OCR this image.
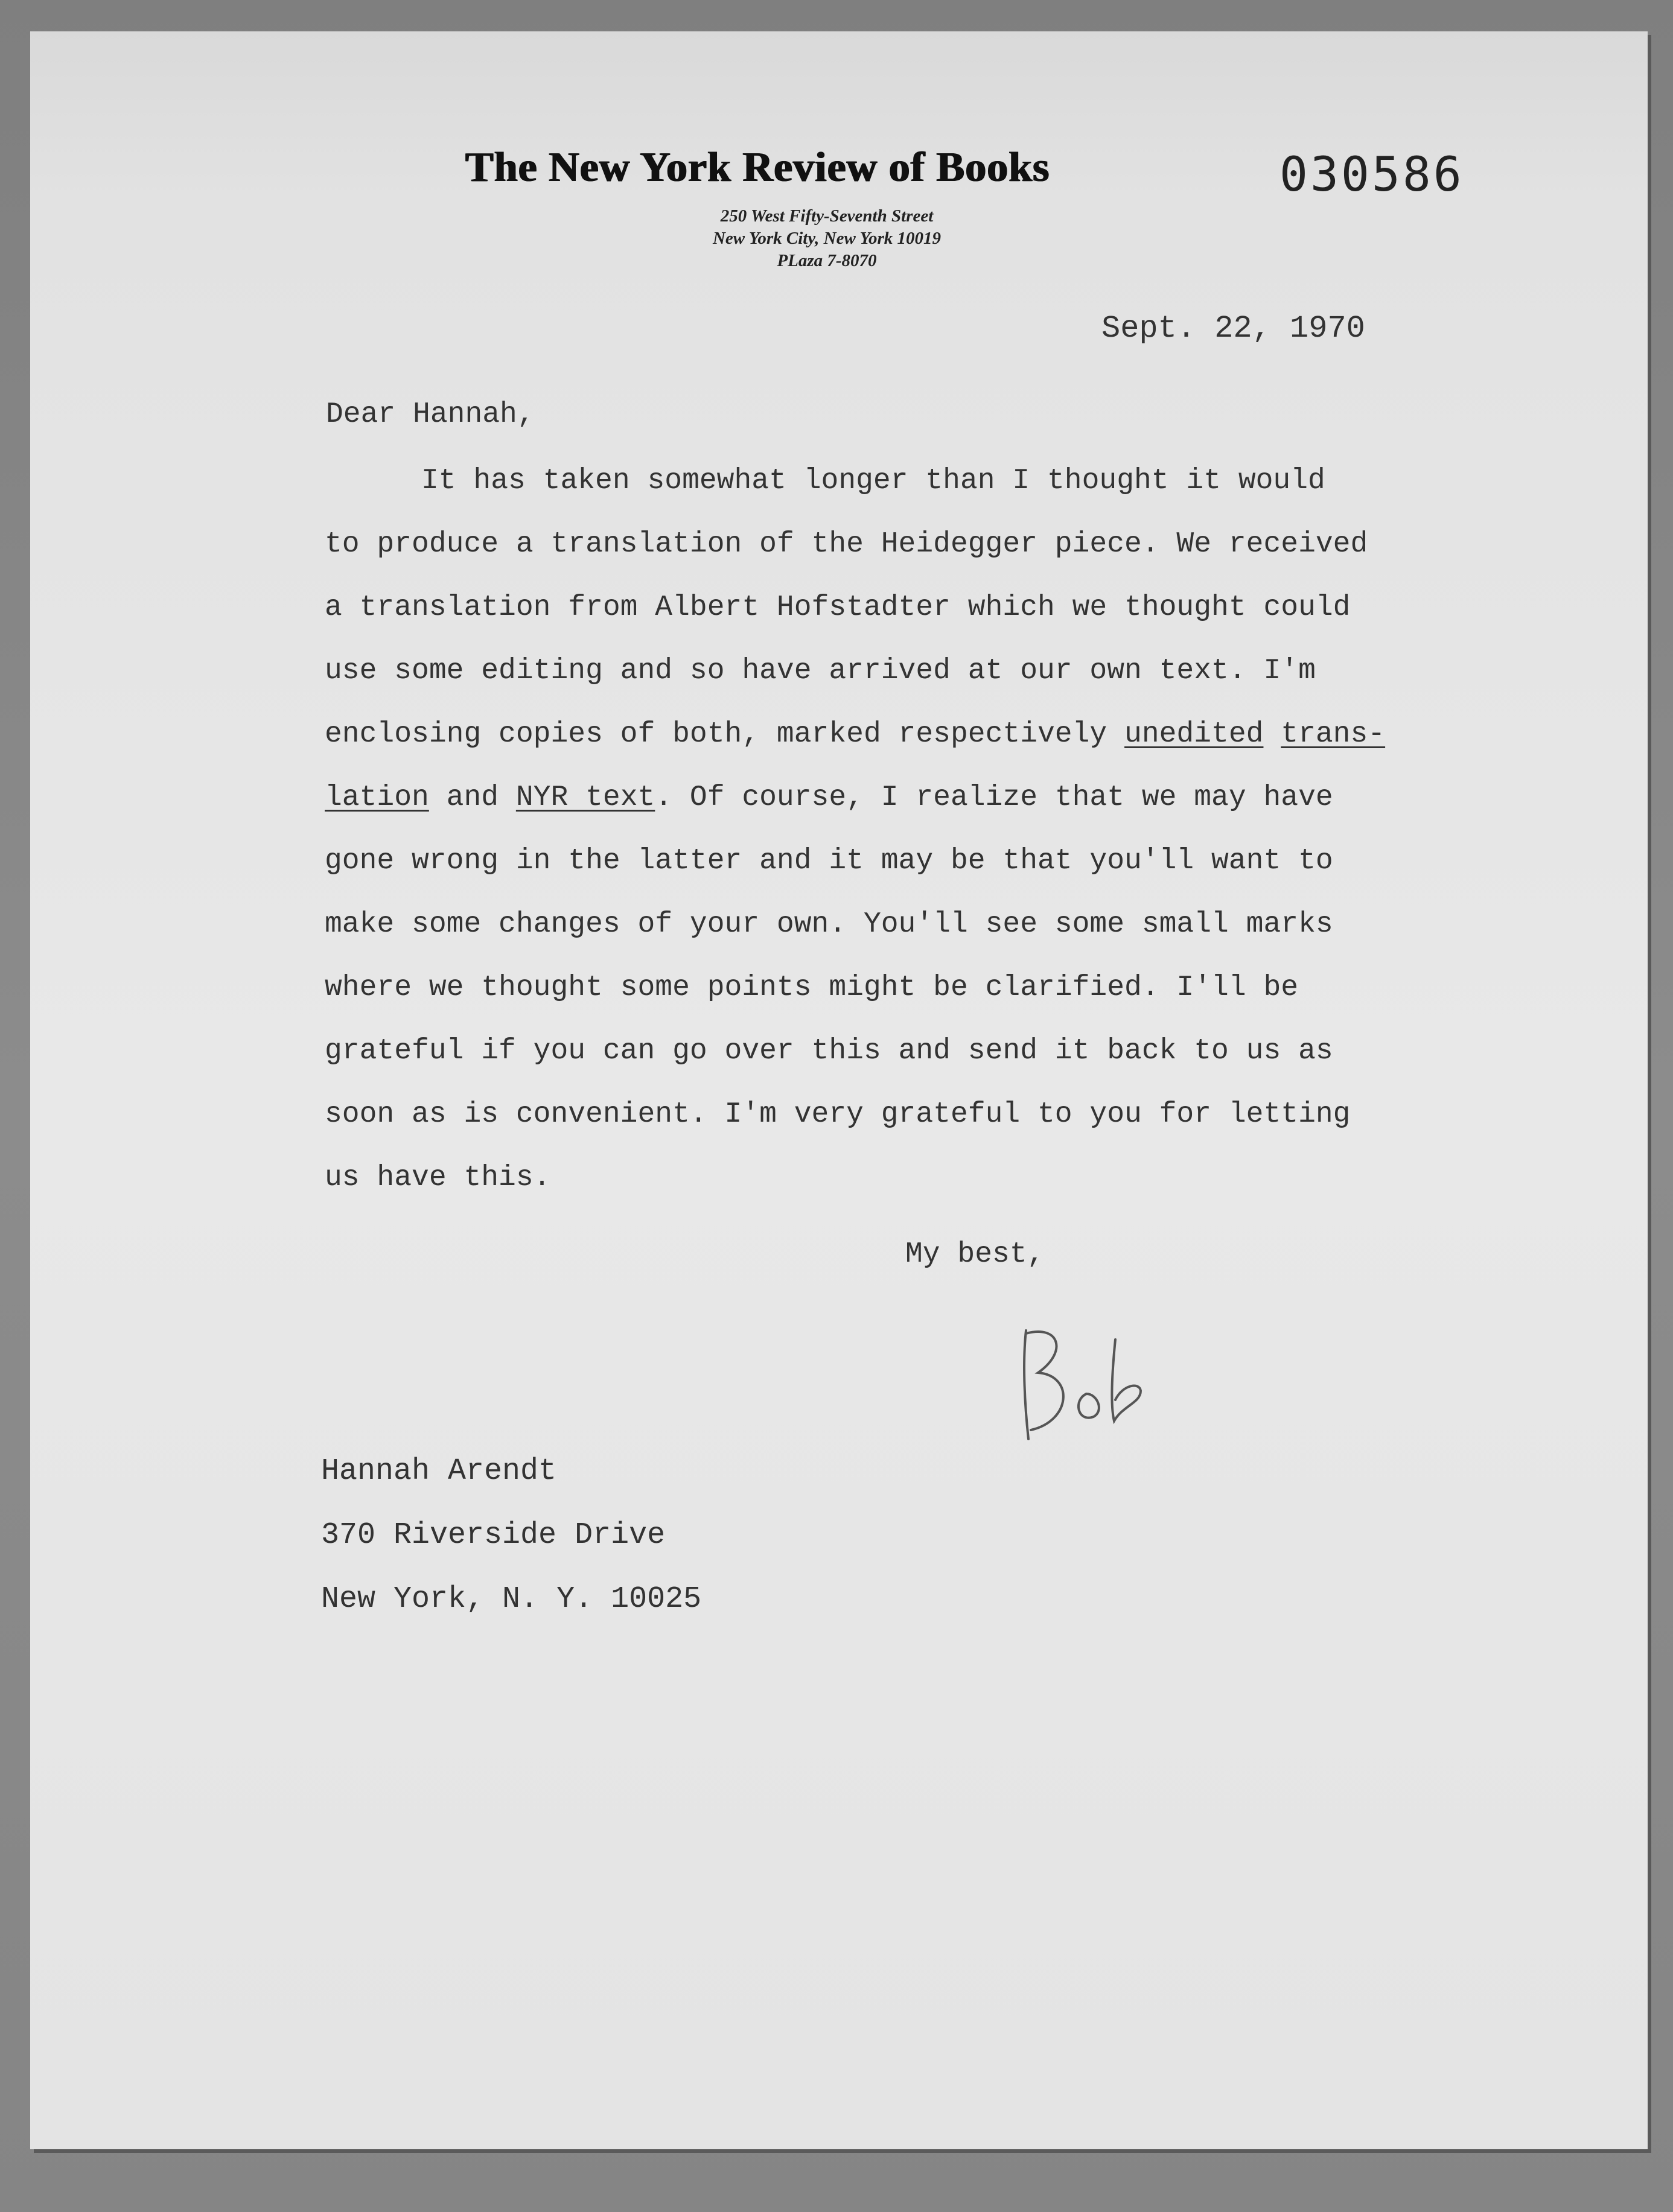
The New York Review of Books	030586
250 West Fifty-Seventh Street
New York City, New York 10019
PLaza 7-8070
Sept. 22, 1970
Dear Hannah,
It has taken somewhat longer than I thought it would
to produce a translation of the Heidegger piece. We received
a translation from Albert Hofstadter which we thought could
use some editing and so have arrived at our own text. I'm
enclosing copies of both, marked respectively unedited trans-
lation and NYR text. Of course, I realize that we may have
gone wrong in the latter and it may be that you'll want to
make some changes of your own. You'll see some small marks
where we thought some points might be clarified. I'll be
grateful if you can go over this and send it back to us as
soon as is convenient. I'm very grateful to you for letting
us have this.
My best,
Hannah Arendt
370 Riverside Drive
New York, N. Y. 10025
